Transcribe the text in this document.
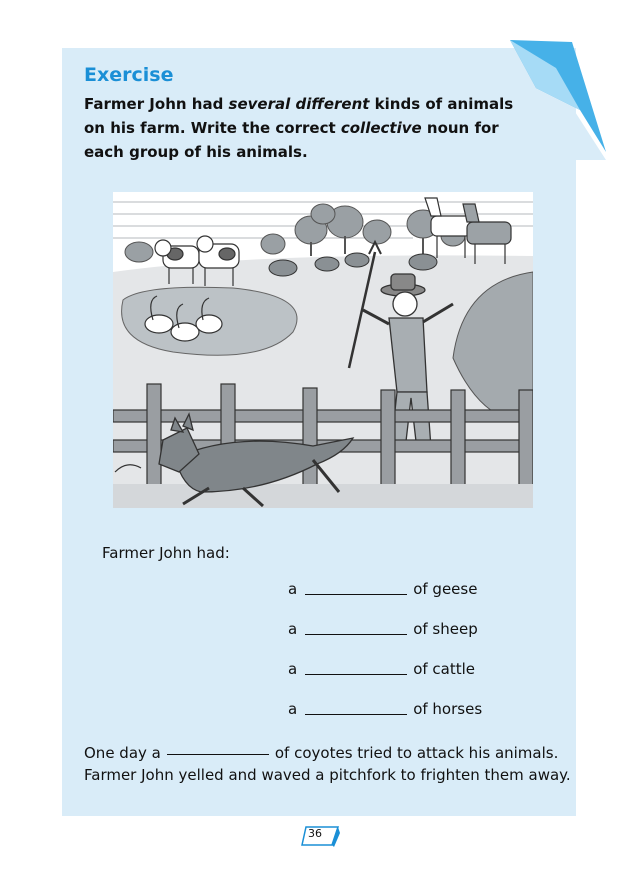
Exercise

Farmer John had several different kinds of animals on his farm. Write the correct collective noun for each group of his animals.

Farmer John had:

a	of geese
a	of sheep
a	of cattle
a	of horses

One day a	of coyotes tried to attack his animals. Farmer John yelled and waved a pitchfork to frighten them away.

36
